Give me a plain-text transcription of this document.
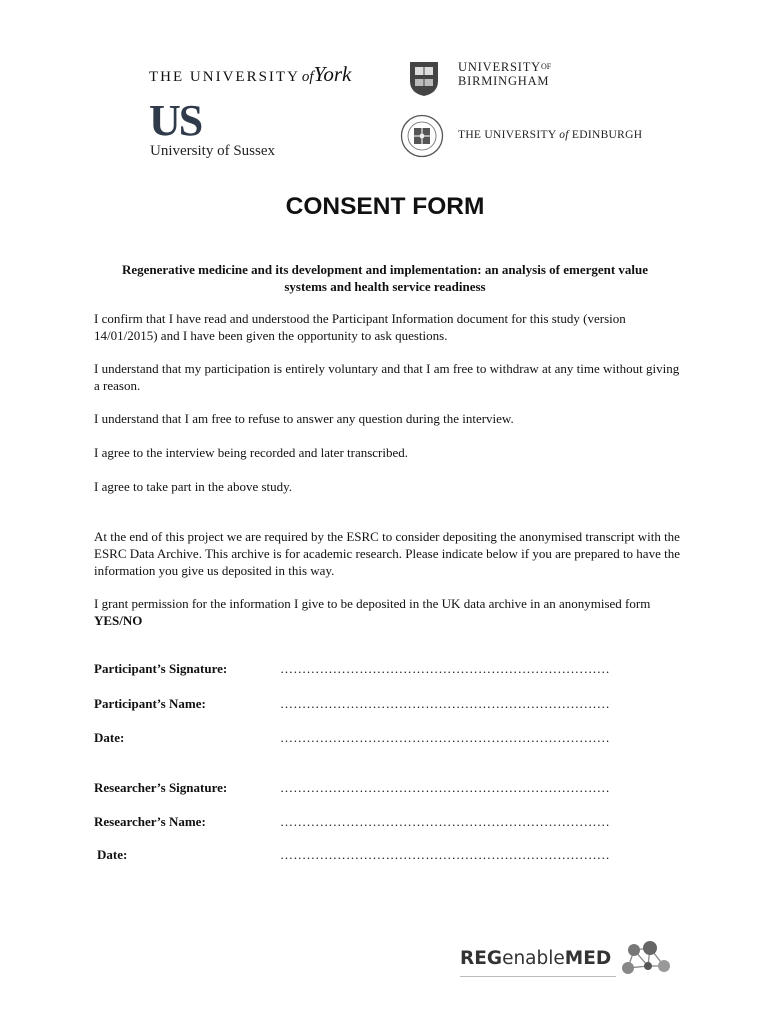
THE UNIVERSITY ofYork
US
University of Sussex
$UNIVERSITY^{OF}$
BIRMINGHAM
THE UNIVERSITY of EDINBURGH
CONSENT FORM
Regenerative medicine and its development and implementation: an analysis of emergent value systems and health service readiness
I confirm that I have read and understood the Participant Information document for this study (version 14/01/2015) and I have been given the opportunity to ask questions.
I understand that my participation is entirely voluntary and that I am free to withdraw at any time without giving a reason.
I understand that I am free to refuse to answer any question during the interview.
I agree to the interview being recorded and later transcribed.
I agree to take part in the above study.
At the end of this project we are required by the ESRC to consider depositing the anonymised transcript with the ESRC Data Archive. This archive is for academic research. Please indicate below if you are prepared to have the information you give us deposited in this way.
I grant permission for the information I give to be deposited in the UK data archive in an anonymised form YES/NO
Participant’s Signature:	…………………………………………………………………
Participant’s Name:	…………………………………………………………………
Date:	…………………………………………………………………
Researcher’s Signature:	…………………………………………………………………
Researcher’s Name:	…………………………………………………………………
Date:	…………………………………………………………………
REGenableMED
